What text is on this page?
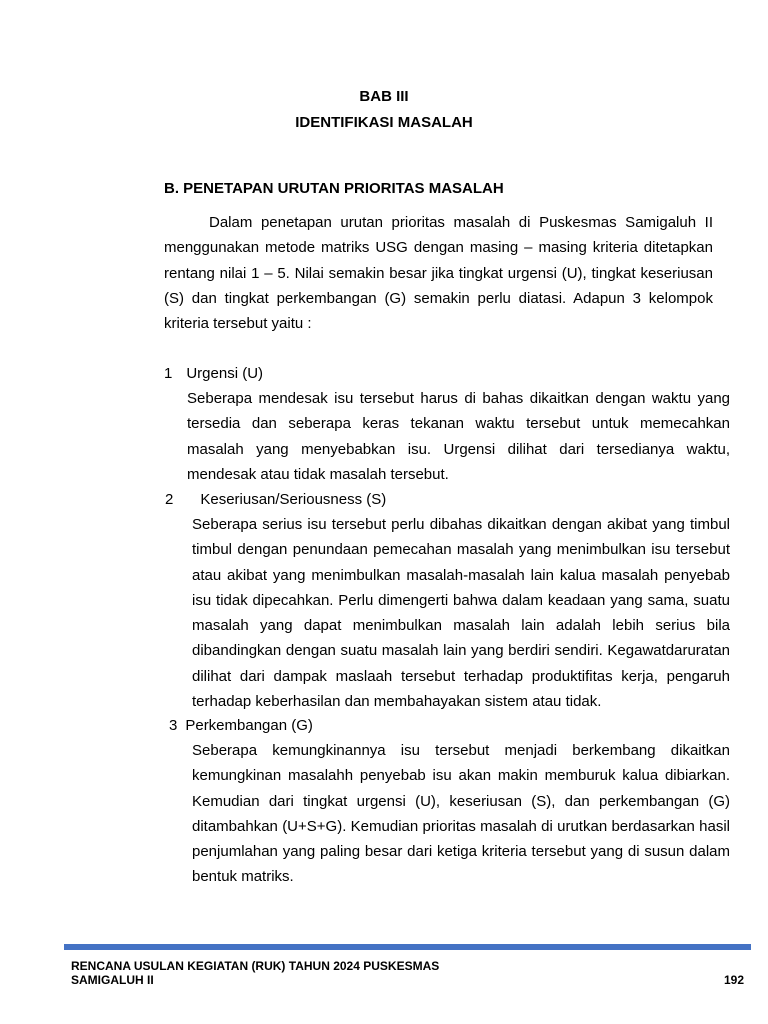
BAB III
IDENTIFIKASI MASALAH
B. PENETAPAN URUTAN PRIORITAS MASALAH
Dalam penetapan urutan prioritas masalah di Puskesmas Samigaluh II menggunakan metode matriks USG dengan masing – masing kriteria ditetapkan rentang nilai 1 – 5. Nilai semakin besar jika tingkat urgensi (U), tingkat keseriusan (S) dan tingkat perkembangan (G) semakin perlu diatasi. Adapun 3 kelompok kriteria tersebut yaitu :
1 Urgensi (U)
Seberapa mendesak isu tersebut harus di bahas dikaitkan dengan waktu yang tersedia dan seberapa keras tekanan waktu tersebut untuk memecahkan masalah yang menyebabkan isu. Urgensi dilihat dari tersedianya waktu, mendesak atau tidak masalah tersebut.
2 Keseriusan/Seriousness (S)
Seberapa serius isu tersebut perlu dibahas dikaitkan dengan akibat yang timbul timbul dengan penundaan pemecahan masalah yang menimbulkan isu tersebut atau akibat yang menimbulkan masalah-masalah lain kalua masalah penyebab isu tidak dipecahkan. Perlu dimengerti bahwa dalam keadaan yang sama, suatu masalah yang dapat menimbulkan masalah lain adalah lebih serius bila dibandingkan dengan suatu masalah lain yang berdiri sendiri. Kegawatdaruratan dilihat dari dampak maslaah tersebut terhadap produktifitas kerja, pengaruh terhadap keberhasilan dan membahayakan sistem atau tidak.
3 Perkembangan (G)
Seberapa kemungkinannya isu tersebut menjadi berkembang dikaitkan kemungkinan masalahh penyebab isu akan makin memburuk kalua dibiarkan. Kemudian dari tingkat urgensi (U), keseriusan (S), dan perkembangan (G) ditambahkan (U+S+G). Kemudian prioritas masalah di urutkan berdasarkan hasil penjumlahan yang paling besar dari ketiga kriteria tersebut yang di susun dalam bentuk matriks.
RENCANA USULAN KEGIATAN (RUK) TAHUN 2024 PUSKESMAS SAMIGALUH II	192
